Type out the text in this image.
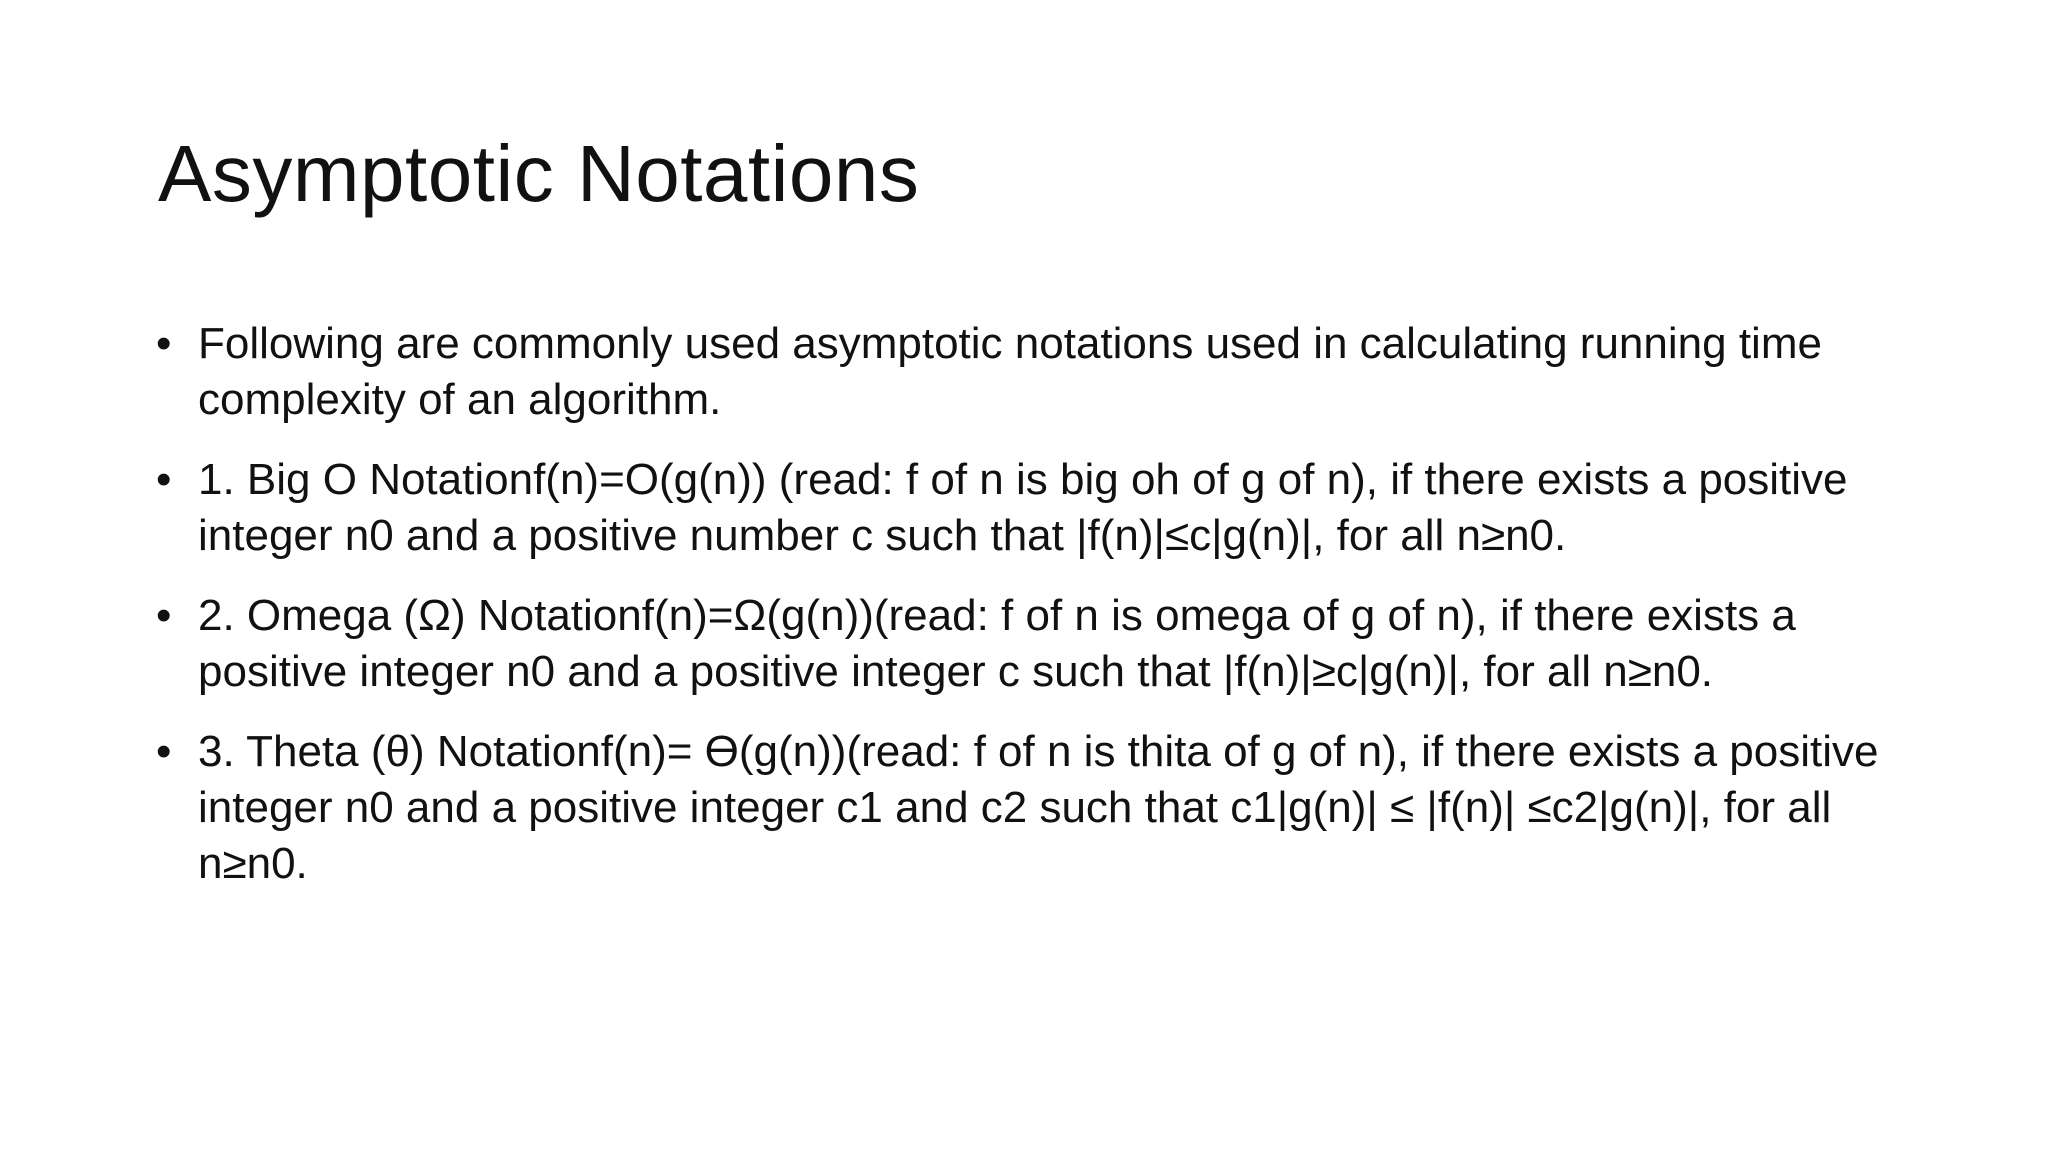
Asymptotic Notations
• Following are commonly used asymptotic notations used in calculating running time complexity of an algorithm.
• 1. Big O Notationf(n)=O(g(n)) (read: f of n is big oh of g of n), if there exists a positive integer n0 and a positive number c such that |f(n)|≤c|g(n)|, for all n≥n0.
• 2. Omega (Ω) Notationf(n)=Ω(g(n))(read: f of n is omega of g of n), if there exists a positive integer n0 and a positive integer c such that |f(n)|≥c|g(n)|, for all n≥n0.
• 3. Theta (θ) Notationf(n)= ϴ(g(n))(read: f of n is thita of g of n), if there exists a positive integer n0 and a positive integer c1 and c2 such that c1|g(n)| ≤ |f(n)| ≤c2|g(n)|, for all n≥n0.
